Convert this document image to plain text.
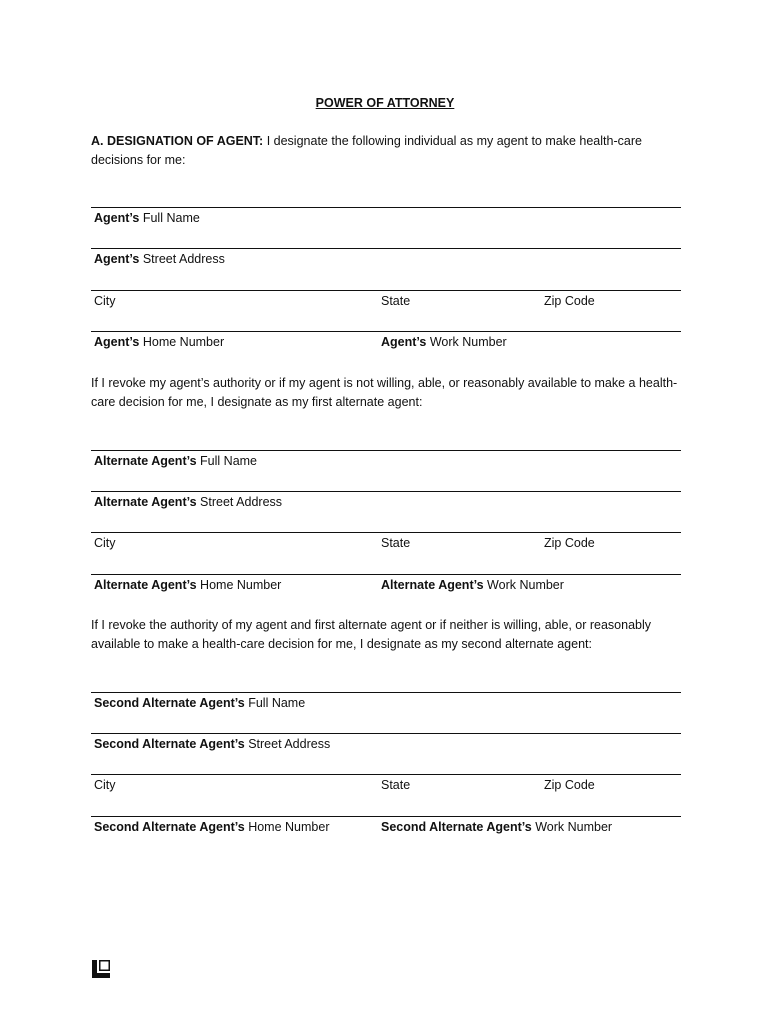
POWER OF ATTORNEY
A. DESIGNATION OF AGENT: I designate the following individual as my agent to make health-care decisions for me:
Agent’s Full Name
Agent’s Street Address
City	State	Zip Code
Agent’s Home Number	Agent’s Work Number
If I revoke my agent’s authority or if my agent is not willing, able, or reasonably available to make a health-care decision for me, I designate as my first alternate agent:
Alternate Agent’s Full Name
Alternate Agent’s Street Address
City	State	Zip Code
Alternate Agent’s Home Number	Alternate Agent’s Work Number
If I revoke the authority of my agent and first alternate agent or if neither is willing, able, or reasonably available to make a health-care decision for me, I designate as my second alternate agent:
Second Alternate Agent’s Full Name
Second Alternate Agent’s Street Address
City	State	Zip Code
Second Alternate Agent’s Home Number	Second Alternate Agent’s Work Number
